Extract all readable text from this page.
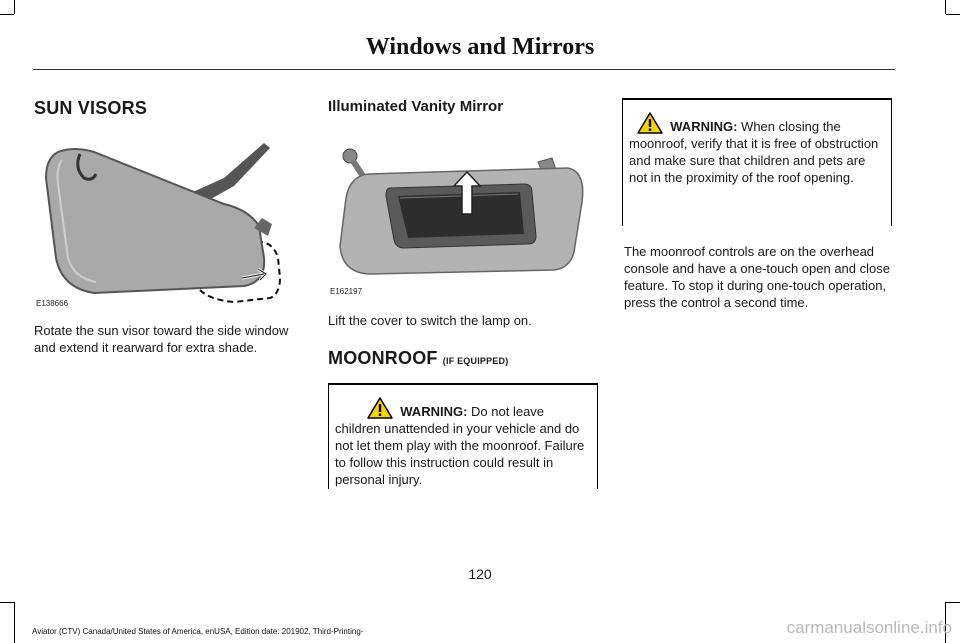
Windows and Mirrors
SUN VISORS
E138666
Rotate the sun visor toward the side window and extend it rearward for extra shade.
Illuminated Vanity Mirror
E162197
Lift the cover to switch the lamp on.
MOONROOF (IF EQUIPPED)
WARNING: Do not leave children unattended in your vehicle and do not let them play with the moonroof. Failure to follow this instruction could result in personal injury.
WARNING: When closing the moonroof, verify that it is free of obstruction and make sure that children and pets are not in the proximity of the roof opening.
The moonroof controls are on the overhead console and have a one-touch open and close feature. To stop it during one-touch operation, press the control a second time.
120
Aviator (CTV) Canada/United States of America, enUSA, Edition date: 201902, Third-Printing-	carmanualsonline.info
